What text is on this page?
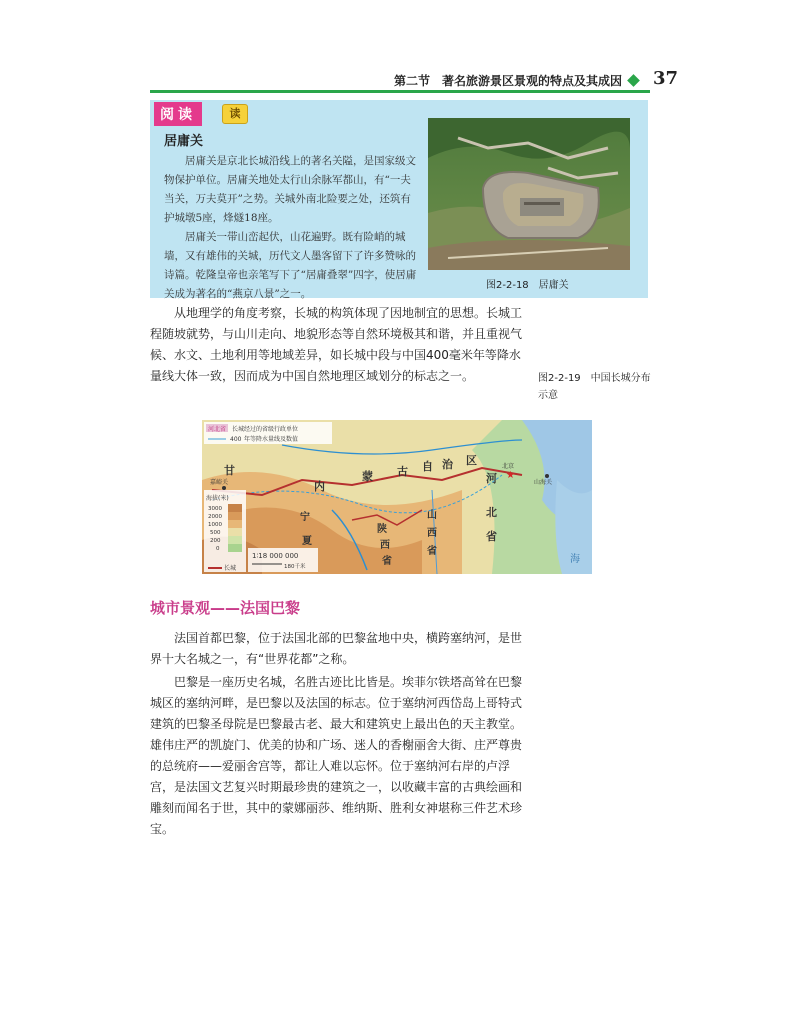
第二节　著名旅游景区景观的特点及其成因 37
阅读	读
居庸关

居庸关是京北长城沿线上的著名关隘，是国家级文物保护单位。居庸关地处太行山余脉军都山，有“一夫当关，万夫莫开”之势。关城外南北险要之处，还筑有护城墩5座，烽燧18座。

居庸关一带山峦起伏，山花遍野。既有险峭的城墙，又有雄伟的关城，历代文人墨客留下了许多赞咏的诗篇。乾隆皇帝也亲笔写下了“居庸叠翠”四字，使居庸关成为著名的“燕京八景”之一。

图2-2-18　居庸关

从地理学的角度考察，长城的构筑体现了因地制宜的思想。长城工程随坡就势，与山川走向、地貌形态等自然环境极其和谐，并且重视气候、水文、土地利用等地域差异，如长城中段与中国400毫米年等降水量线大体一致，因而成为中国自然地理区域划分的标志之一。	图2-2-19　中国长城分布示意
河北省 长城经过的省级行政单位
400 年等降水量线及数值
甘
内
蒙 古 自 治 区
宁
夏
陕
西
省
山
西
省
河
北
省
嘉峪关	山海关
★
北京
海拔(米)
3000
2000
1000
500
200
0
长城
1∶18 000 000
180千米
海
城市景观——法国巴黎

法国首都巴黎，位于法国北部的巴黎盆地中央，横跨塞纳河，是世界十大名城之一，有“世界花都”之称。

巴黎是一座历史名城，名胜古迹比比皆是。埃菲尔铁塔高耸在巴黎城区的塞纳河畔，是巴黎以及法国的标志。位于塞纳河西岱岛上哥特式建筑的巴黎圣母院是巴黎最古老、最大和建筑史上最出色的天主教堂。雄伟庄严的凯旋门、优美的协和广场、迷人的香榭丽舍大街、庄严尊贵的总统府——爱丽舍宫等，都让人难以忘怀。位于塞纳河右岸的卢浮宫，是法国文艺复兴时期最珍贵的建筑之一，以收藏丰富的古典绘画和雕刻而闻名于世，其中的蒙娜丽莎、维纳斯、胜利女神堪称三件艺术珍宝。
